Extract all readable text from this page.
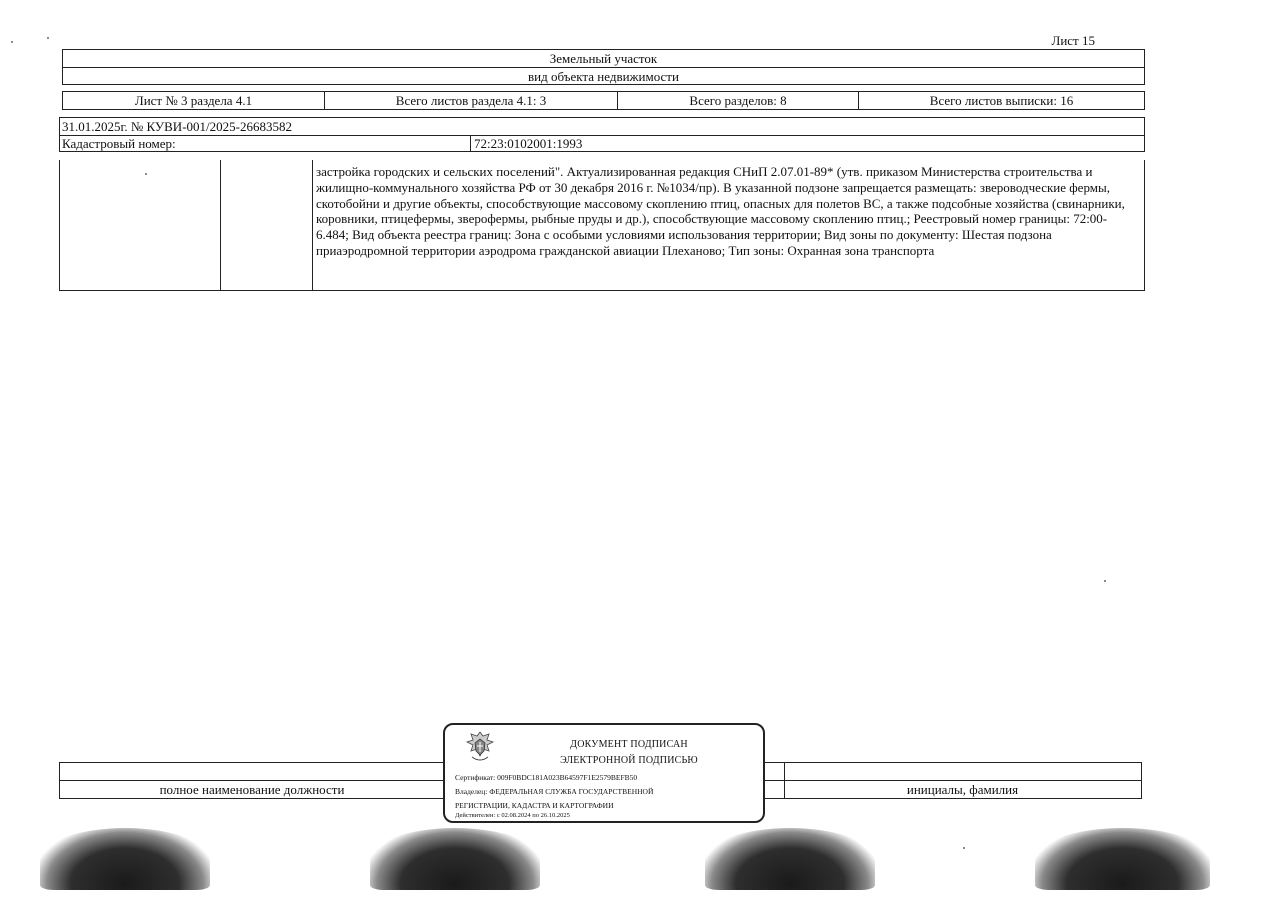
Лист 15
Земельный участок
вид объекта недвижимости
Лист № 3 раздела 4.1	Всего листов раздела 4.1: 3	Всего разделов: 8	Всего листов выписки: 16
31.01.2025г. № КУВИ-001/2025-26683582
Кадастровый номер:	72:23:0102001:1993
застройка городских и сельских поселений". Актуализированная редакция СНиП 2.07.01-89* (утв. приказом Министерства строительства и жилищно-коммунального хозяйства РФ от 30 декабря 2016 г. №1034/пр). В указанной подзоне запрещается размещать: звероводческие фермы, скотобойни и другие объекты, способствующие массовому скоплению птиц, опасных для полетов ВС, а также подсобные хозяйства (свинарники, коровники, птицефермы, зверофермы, рыбные пруды и др.), способствующие массовому скоплению птиц.; Реестровый номер границы: 72:00-6.484; Вид объекта реестра границ: Зона с особыми условиями использования территории; Вид зоны по документу: Шестая подзона приаэродромной территории аэродрома гражданской авиации Плеханово; Тип зоны: Охранная зона транспорта
полное наименование должности	инициалы, фамилия
ДОКУМЕНТ ПОДПИСАН
ЭЛЕКТРОННОЙ ПОДПИСЬЮ
Сертификат: 009F0BDC181A023B64597F1E2579BEFB50
Владелец: ФЕДЕРАЛЬНАЯ СЛУЖБА ГОСУДАРСТВЕННОЙ
РЕГИСТРАЦИИ, КАДАСТРА И КАРТОГРАФИИ
Действителен: с 02.08.2024 по 26.10.2025
